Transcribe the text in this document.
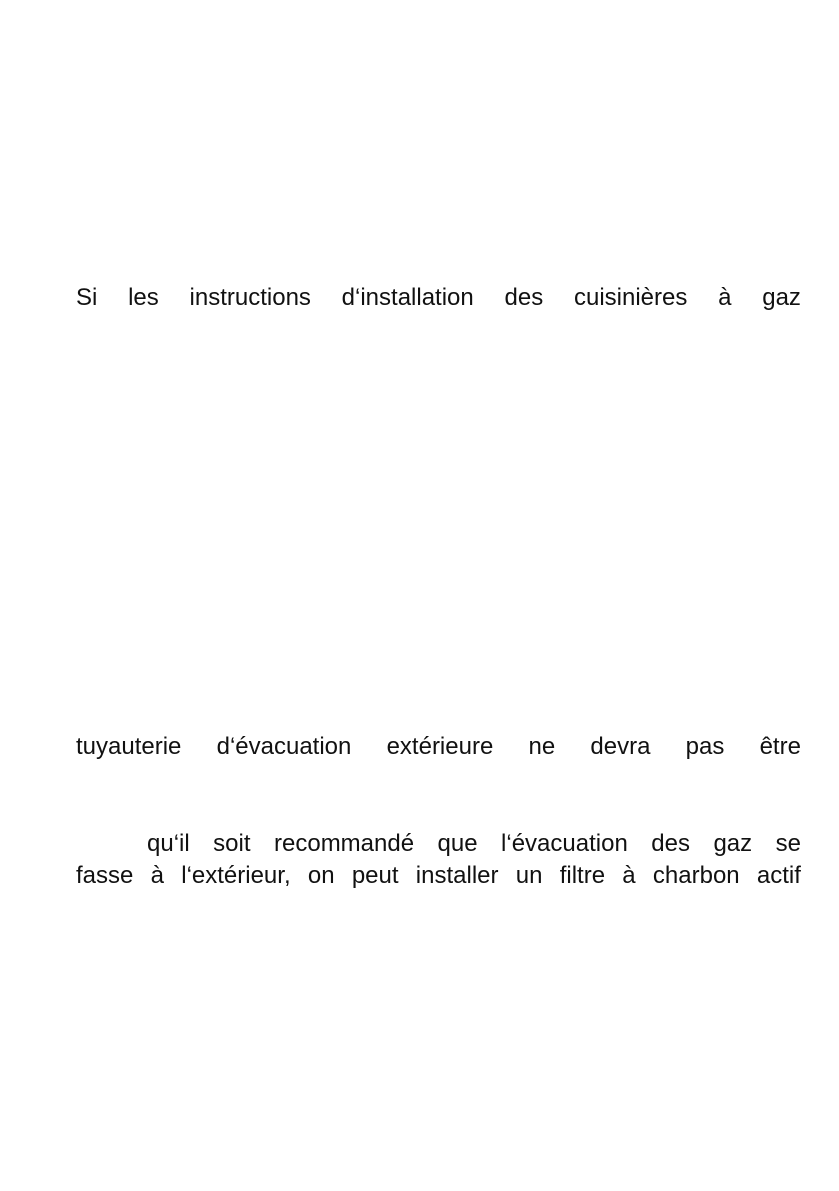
Si les instructions d‘installation des cuisinières à gaz

tuyauterie d‘évacuation extérieure ne devra pas être

qu‘il soit recommandé que l‘évacuation des gaz se

fasse à l‘extérieur, on peut installer un filtre à charbon actif
